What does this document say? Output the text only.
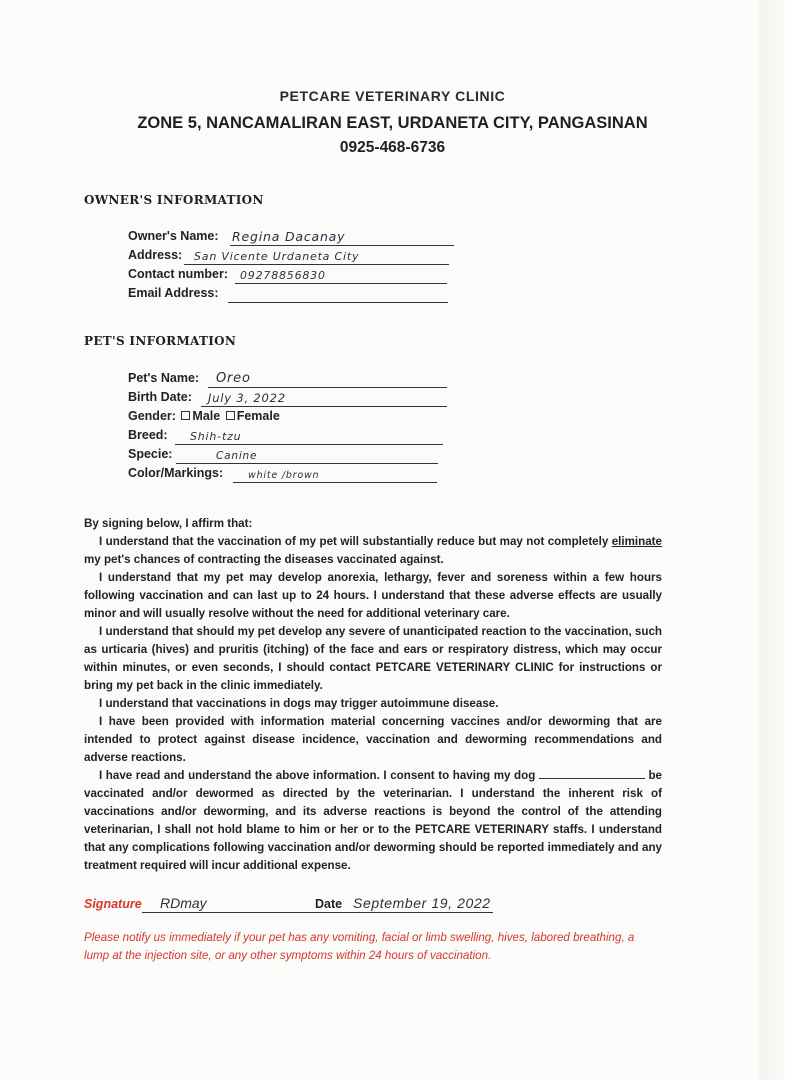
PETCARE VETERINARY CLINIC
ZONE 5, NANCAMALIRAN EAST, URDANETA CITY, PANGASINAN
0925-468-6736
OWNER'S INFORMATION
Owner's Name: Regina Dacanay
Address: San Vicente Urdaneta City
Contact number: 09278856830
Email Address:
PET'S INFORMATION
Pet's Name: Oreo
Birth Date: July 3, 2022
Gender: Male Female
Breed: Shih-tzu
Specie:	Canine
Color/Markings:	white /brown

By signing below, I affirm that:

I understand that the vaccination of my pet will substantially reduce but may not completely eliminate my pet's chances of contracting the diseases vaccinated against.

I understand that my pet may develop anorexia, lethargy, fever and soreness within a few hours following vaccination and can last up to 24 hours. I understand that these adverse effects are usually minor and will usually resolve without the need for additional veterinary care.

I understand that should my pet develop any severe of unanticipated reaction to the vaccination, such as urticaria (hives) and pruritis (itching) of the face and ears or respiratory distress, which may occur within minutes, or even seconds, I should contact PETCARE VETERINARY CLINIC for instructions or bring my pet back in the clinic immediately.

I understand that vaccinations in dogs may trigger autoimmune disease.

I have been provided with information material concerning vaccines and/or deworming that are intended to protect against disease incidence, vaccination and deworming recommendations and adverse reactions.

I have read and understand the above information. I consent to having my dog	be vaccinated and/or dewormed as directed by the veterinarian. I understand the inherent risk of vaccinations and/or deworming, and its adverse reactions is beyond the control of the attending veterinarian, I shall not hold blame to him or her or to the PETCARE VETERINARY staffs. I understand that any complications following vaccination and/or deworming should be reported immediately and any treatment required will incur additional expense.

Signature RDmay	Date September 19, 2022
Please notify us immediately if your pet has any vomiting, facial or limb swelling, hives, labored breathing, a lump at the injection site, or any other symptoms within 24 hours of vaccination.
